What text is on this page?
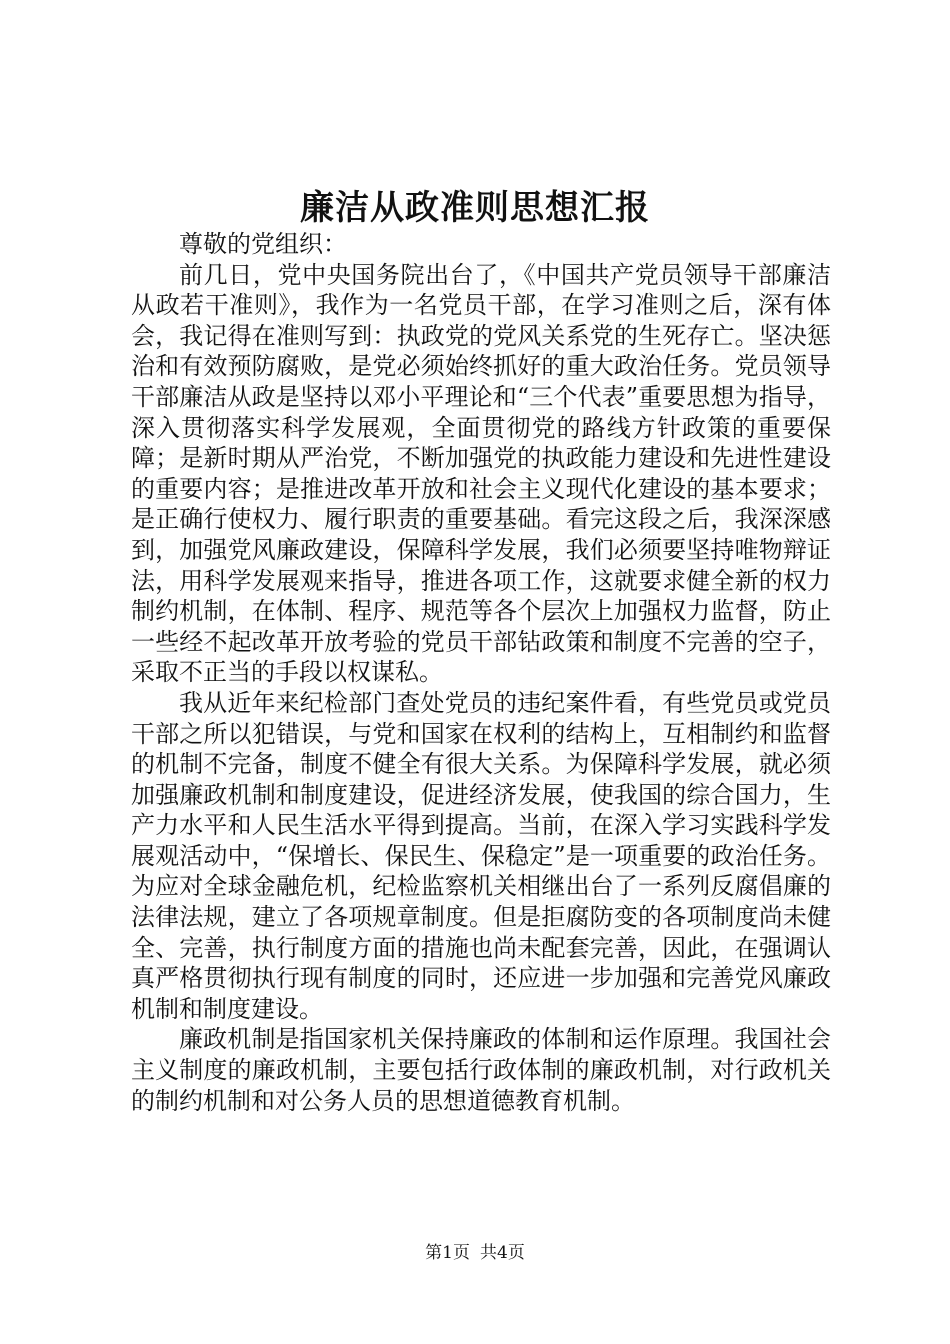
廉洁从政准则思想汇报

尊敬的党组织：

前几日，党中央国务院出台了，《中国共产党员领导干部廉洁从政若干准则》，我作为一名党员干部，在学习准则之后，深有体会，我记得在准则写到：执政党的党风关系党的生死存亡。坚决惩治和有效预防腐败，是党必须始终抓好的重大政治任务。党员领导干部廉洁从政是坚持以邓小平理论和“三个代表”重要思想为指导，深入贯彻落实科学发展观，全面贯彻党的路线方针政策的重要保障；是新时期从严治党，不断加强党的执政能力建设和先进性建设的重要内容；是推进改革开放和社会主义现代化建设的基本要求；是正确行使权力、履行职责的重要基础。看完这段之后，我深深感到，加强党风廉政建设，保障科学发展，我们必须要坚持唯物辩证法，用科学发展观来指导，推进各项工作，这就要求健全新的权力制约机制，在体制、程序、规范等各个层次上加强权力监督，防止一些经不起改革开放考验的党员干部钻政策和制度不完善的空子，采取不正当的手段以权谋私。

我从近年来纪检部门查处党员的违纪案件看，有些党员或党员干部之所以犯错误，与党和国家在权利的结构上，互相制约和监督的机制不完备，制度不健全有很大关系。为保障科学发展，就必须加强廉政机制和制度建设，促进经济发展，使我国的综合国力，生产力水平和人民生活水平得到提高。当前，在深入学习实践科学发展观活动中，“保增长、保民生、保稳定”是一项重要的政治任务。为应对全球金融危机，纪检监察机关相继出台了一系列反腐倡廉的法律法规，建立了各项规章制度。但是拒腐防变的各项制度尚未健全、完善，执行制度方面的措施也尚未配套完善，因此，在强调认真严格贯彻执行现有制度的同时，还应进一步加强和完善党风廉政机制和制度建设。

廉政机制是指国家机关保持廉政的体制和运作原理。我国社会主义制度的廉政机制，主要包括行政体制的廉政机制，对行政机关的制约机制和对公务人员的思想道德教育机制。

第1页 共4页
